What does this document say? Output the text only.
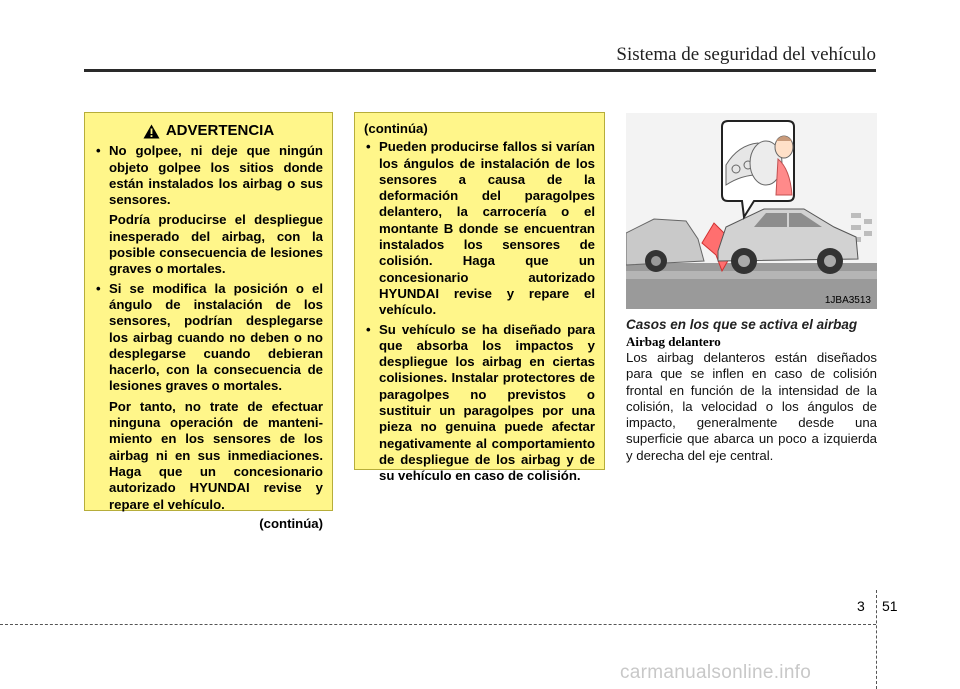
Sistema de seguridad del vehículo
ADVERTENCIA
• No golpee, ni deje que ningún objeto golpee los sitios donde están instalados los airbag o sus sensores.
Podría producirse el despliegue inesperado del airbag, con la posible consecuencia de lesiones graves o mortales.
• Si se modifica la posición o el ángulo de instalación de los sensores, podrían desplegarse los airbag cuando no deben o no desplegarse cuando debieran hacerlo, con la consecuencia de lesiones graves o mortales.
Por tanto, no trate de efectuar ninguna operación de manteni-miento en los sensores de los airbag ni en sus inmediaciones. Haga que un concesionario autorizado HYUNDAI revise y repare el vehículo.
(continúa)
(continúa)
• Pueden producirse fallos si varían los ángulos de instalación de los sensores a causa de la deformación del paragolpes delantero, la carrocería o el montante B donde se encuentran instalados los sensores de colisión. Haga que un concesionario autorizado HYUNDAI revise y repare el vehículo.
• Su vehículo se ha diseñado para que absorba los impactos y despliegue los airbag en ciertas colisiones. Instalar protectores de paragolpes no previstos o sustituir un paragolpes por una pieza no genuina puede afectar negativamente al comportamiento de despliegue de los airbag y de su vehículo en caso de colisión.
1JBA3513
Casos en los que se activa el airbag
Airbag delantero
Los airbag delanteros están diseñados para que se inflen en caso de colisión frontal en función de la intensidad de la colisión, la velocidad o los ángulos de impacto, generalmente desde una superficie que abarca un poco a izquierda y derecha del eje central.
3 51
carmanualsonline.info
